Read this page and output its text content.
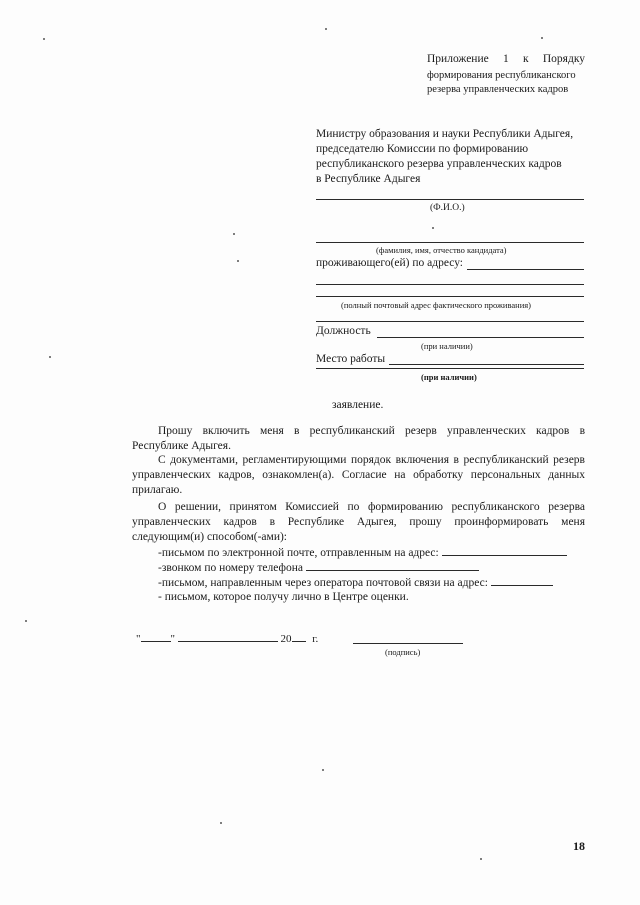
Приложение 1 к Порядку
формирования республиканского
резерва управленческих кадров
Министру образования и науки Республики Адыгея,
председателю Комиссии по формированию
республиканского резерва управленческих кадров
в Республике Адыгея
(Ф.И.О.)
(фамилия, имя, отчество кандидата)
проживающего(ей) по адресу:
(полный почтовый адрес фактического проживания)
Должность
(при наличии)
Место работы
(при наличии)
заявление.
Прошу включить меня в республиканский резерв управленческих кадров в
Республике Адыгея.
С документами, регламентирующими порядок включения в республиканский резерв
управленческих кадров, ознакомлен(а). Согласие на обработку персональных данных
прилагаю.
О решении, принятом Комиссией по формированию республиканского резерва
управленческих кадров в Республике Адыгея, прошу проинформировать меня
следующим(и) способом(-ами):
-письмом по электронной почте, отправленным на адрес:
-звонком по номеру телефона
-письмом, направленным через оператора почтовой связи на адрес:
- письмом, которое получу лично в Центре оценки.
"	"	20 г.
(подпись)
18
